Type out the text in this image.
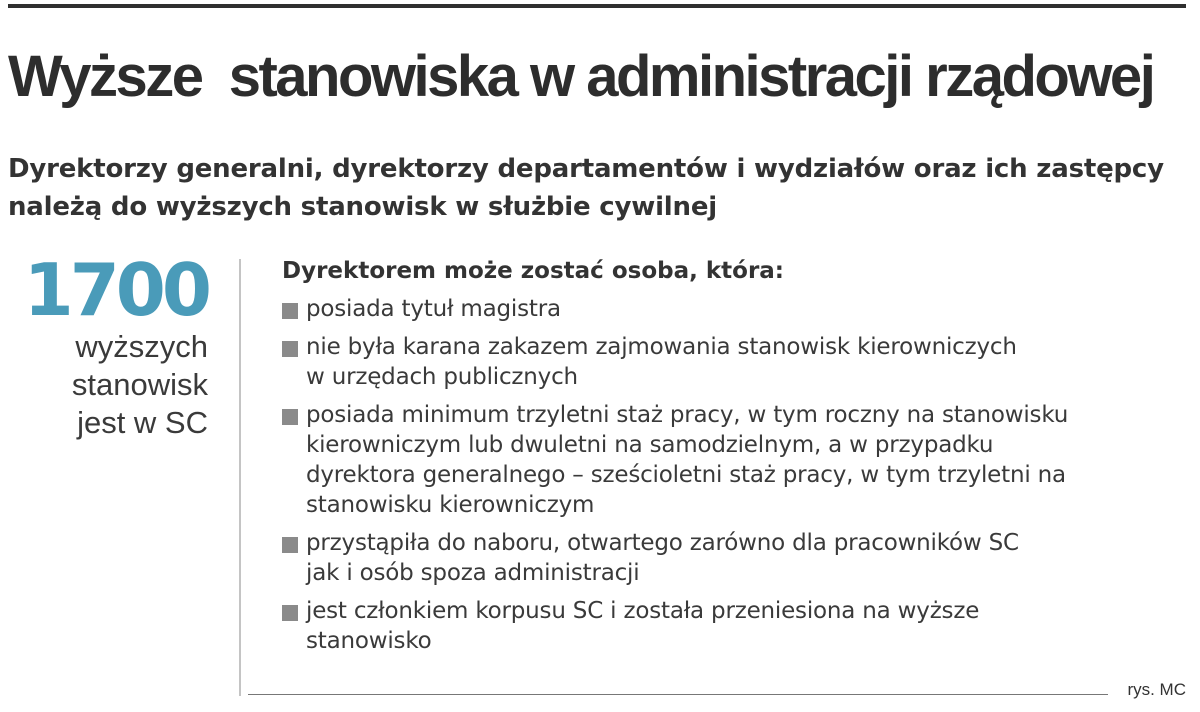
Wyższe  stanowiska w administracji rządowej

Dyrektorzy generalni, dyrektorzy departamentów i wydziałów oraz ich zastępcy należą do wyższych stanowisk w służbie cywilnej

1700
wyższych
stanowisk
jest w SC
Dyrektorem może zostać osoba, która:
posiada tytuł magistra
nie była karana zakazem zajmowania stanowisk kierowniczych
w urzędach publicznych
posiada minimum trzyletni staż pracy, w tym roczny na stanowisku
kierowniczym lub dwuletni na samodzielnym, a w przypadku
dyrektora generalnego – sześcioletni staż pracy, w tym trzyletni na
stanowisku kierowniczym
przystąpiła do naboru, otwartego zarówno dla pracowników SC
jak i osób spoza administracji
jest członkiem korpusu SC i została przeniesiona na wyższe
stanowisko
rys. MC
